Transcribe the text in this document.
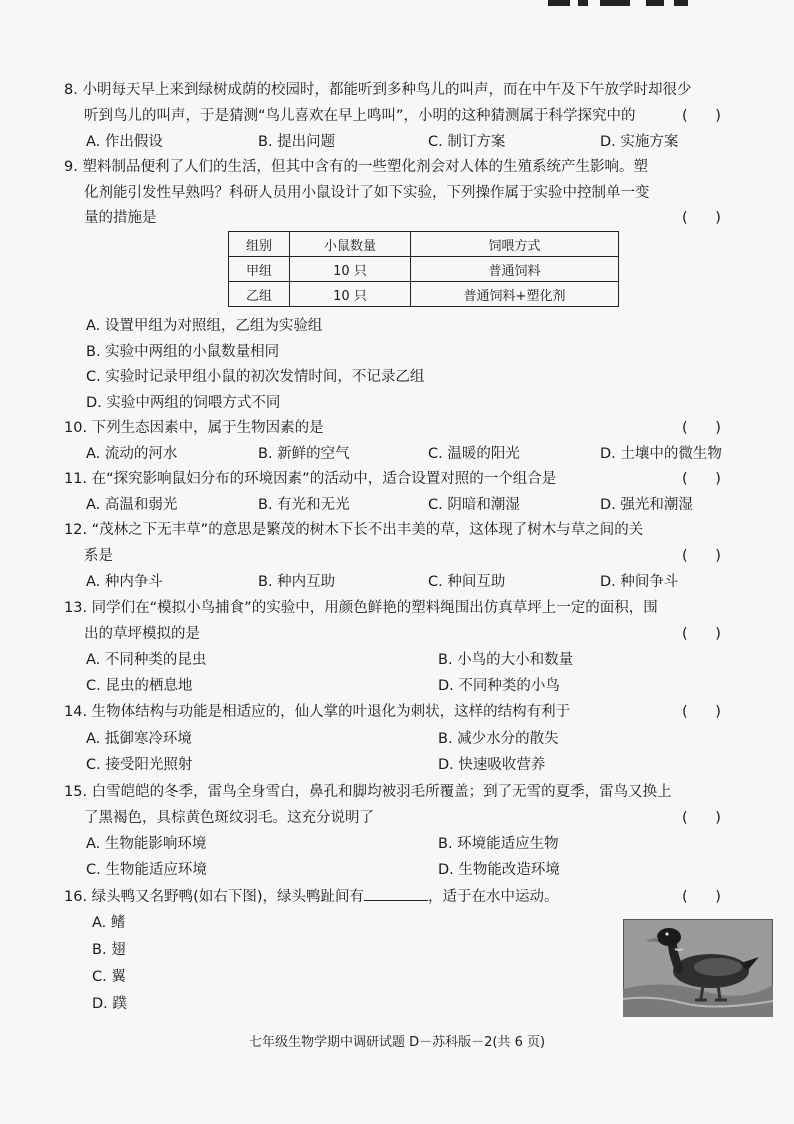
8. 小明每天早上来到绿树成荫的校园时，都能听到多种鸟儿的叫声，而在中午及下午放学时却很少
听到鸟儿的叫声，于是猜测“鸟儿喜欢在早上鸣叫”，小明的这种猜测属于科学探究中的	(      )
A. 作出假设	B. 提出问题	C. 制订方案	D. 实施方案
9. 塑料制品便利了人们的生活，但其中含有的一些塑化剂会对人体的生殖系统产生影响。塑
化剂能引发性早熟吗？科研人员用小鼠设计了如下实验，下列操作属于实验中控制单一变
量的措施是	(      )
组别	小鼠数量	饲喂方式
甲组	10 只	普通饲料
乙组	10 只	普通饲料+塑化剂
A. 设置甲组为对照组，乙组为实验组
B. 实验中两组的小鼠数量相同
C. 实验时记录甲组小鼠的初次发情时间，不记录乙组
D. 实验中两组的饲喂方式不同
10. 下列生态因素中，属于生物因素的是	(      )
A. 流动的河水	B. 新鲜的空气	C. 温暖的阳光	D. 土壤中的微生物
11. 在“探究影响鼠妇分布的环境因素”的活动中，适合设置对照的一个组合是	(      )
A. 高温和弱光	B. 有光和无光	C. 阴暗和潮湿	D. 强光和潮湿
12. “茂林之下无丰草”的意思是繁茂的树木下长不出丰美的草，这体现了树木与草之间的关
系是	(      )
A. 种内争斗	B. 种内互助	C. 种间互助	D. 种间争斗
13. 同学们在“模拟小鸟捕食”的实验中，用颜色鲜艳的塑料绳围出仿真草坪上一定的面积，围
出的草坪模拟的是	(      )
A. 不同种类的昆虫	B. 小鸟的大小和数量
C. 昆虫的栖息地	D. 不同种类的小鸟
14. 生物体结构与功能是相适应的，仙人掌的叶退化为刺状，这样的结构有利于	(      )
A. 抵御寒冷环境	B. 减少水分的散失
C. 接受阳光照射	D. 快速吸收营养
15. 白雪皑皑的冬季，雷鸟全身雪白，鼻孔和脚均被羽毛所覆盖；到了无雪的夏季，雷鸟又换上
了黑褐色，具棕黄色斑纹羽毛。这充分说明了	(      )
A. 生物能影响环境	B. 环境能适应生物
C. 生物能适应环境	D. 生物能改造环境
16. 绿头鸭又名野鸭(如右下图)，绿头鸭趾间有	，适于在水中运动。	(      )
A. 鳍
B. 翅
C. 翼
D. 蹼
七年级生物学期中调研试题 D－苏科版－2(共 6 页)
